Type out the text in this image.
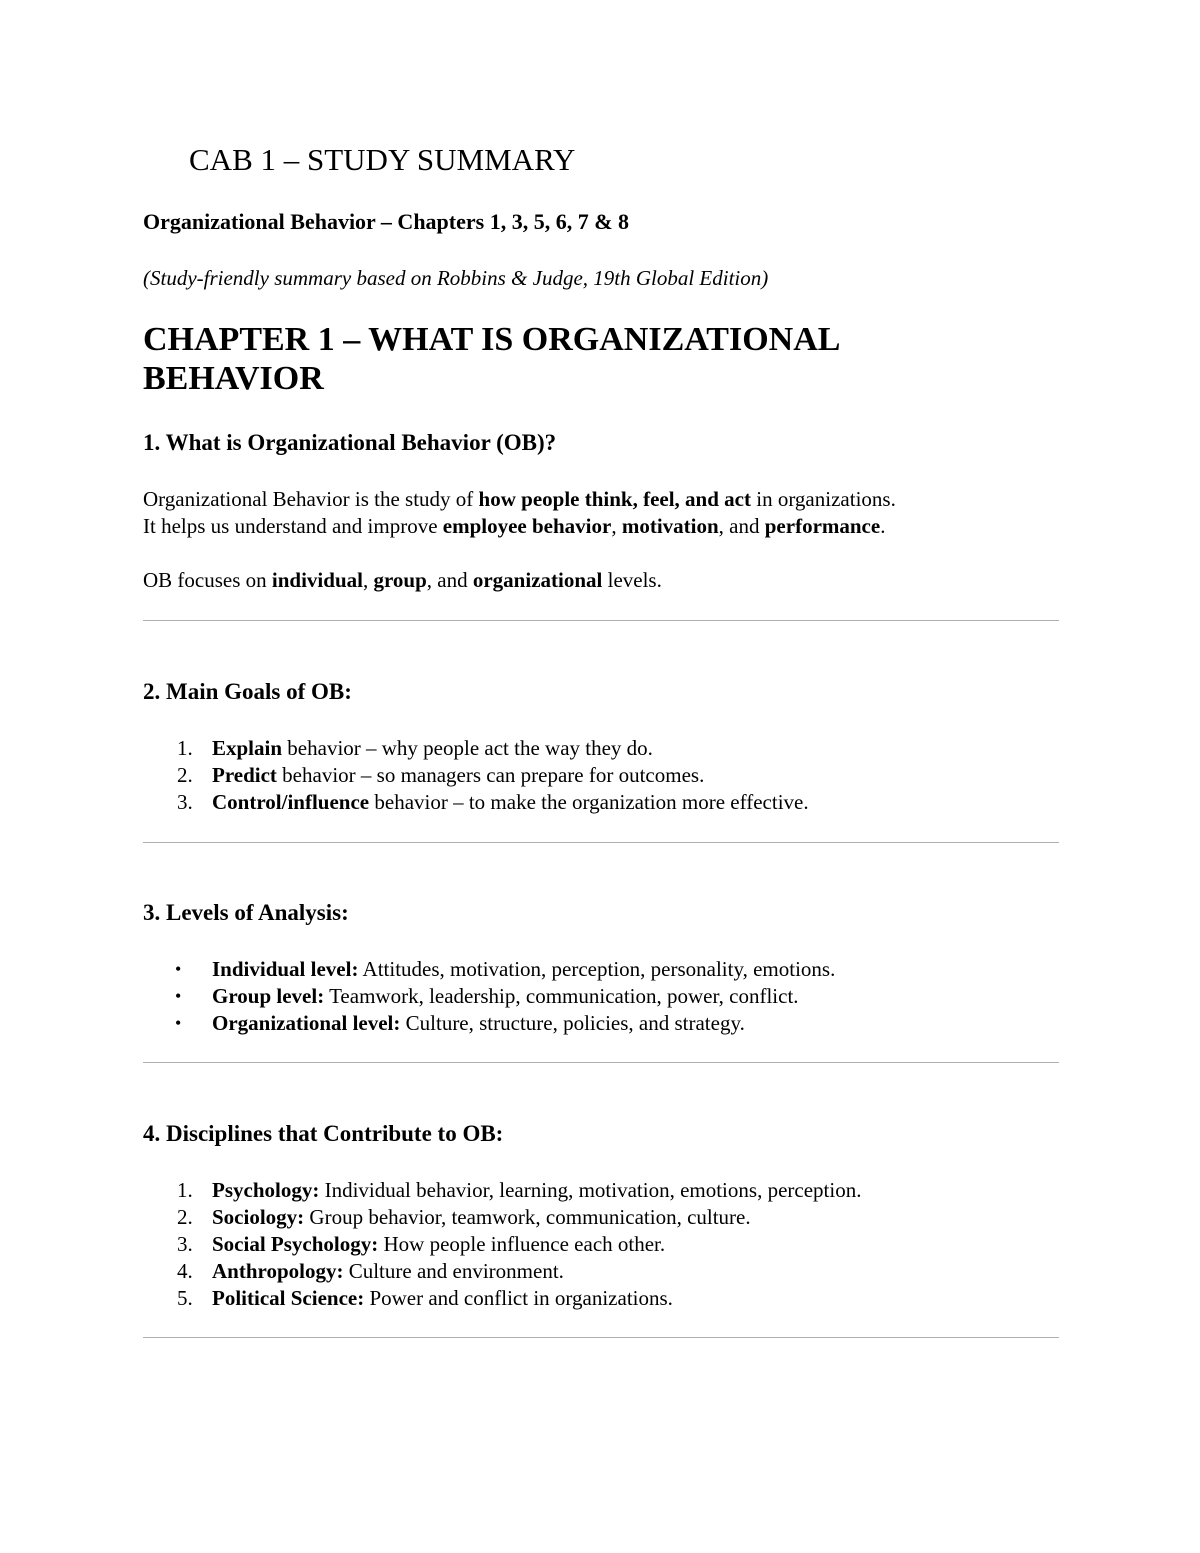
CAB 1 – STUDY SUMMARY

Organizational Behavior – Chapters 1, 3, 5, 6, 7 & 8

(Study-friendly summary based on Robbins & Judge, 19th Global Edition)

CHAPTER 1 – WHAT IS ORGANIZATIONAL BEHAVIOR
1. What is Organizational Behavior (OB)?

Organizational Behavior is the study of how people think, feel, and act in organizations.

It helps us understand and improve employee behavior, motivation, and performance.

OB focuses on individual, group, and organizational levels.

2. Main Goals of OB:
1. Explain behavior – why people act the way they do.
2. Predict behavior – so managers can prepare for outcomes.
3. Control/influence behavior – to make the organization more effective.
3. Levels of Analysis:
• Individual level: Attitudes, motivation, perception, personality, emotions.
• Group level: Teamwork, leadership, communication, power, conflict.
• Organizational level: Culture, structure, policies, and strategy.
4. Disciplines that Contribute to OB:
1. Psychology: Individual behavior, learning, motivation, emotions, perception.
2. Sociology: Group behavior, teamwork, communication, culture.
3. Social Psychology: How people influence each other.
4. Anthropology: Culture and environment.
5. Political Science: Power and conflict in organizations.
